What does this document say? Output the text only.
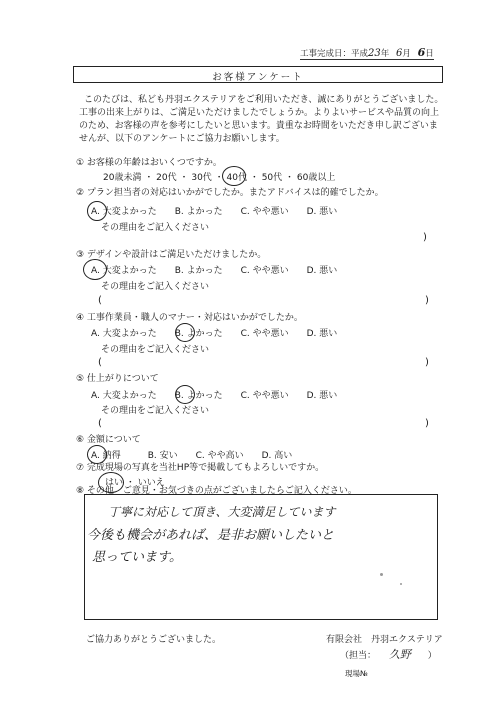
工事完成日：平成23年 6月 6日
お客様アンケート
このたびは、私ども丹羽エクステリアをご利用いただき、誠にありがとうございました。
工事の出来上がりは、ご満足いただけましたでしょうか。よりよいサービスや品質の向上
のため、お客様の声を参考にしたいと思います。貴重なお時間をいただき申し訳ございま
せんが、以下のアンケートにご協力お願いします。
① お客様の年齢はおいくつですか。
20歳未満 ・ 20代 ・ 30代 ・ 40代 ・ 50代 ・ 60歳以上
② プラン担当者の対応はいかがでしたか。またアドバイスは的確でしたか。
A. 大変よかった　　B. よかった　　C. やや悪い　　D. 悪い
その理由をご記入ください
)
③ デザインや設計はご満足いただけましたか。
A. 大変よかった　　B. よかった　　C. やや悪い　　D. 悪い
その理由をご記入ください
(	)
④ 工事作業員・職人のマナー・対応はいかがでしたか。
A. 大変よかった　　B. よかった　　C. やや悪い　　D. 悪い
その理由をご記入ください
(	)
⑤ 仕上がりについて
A. 大変よかった　　B. よかった　　C. やや悪い　　D. 悪い
その理由をご記入ください
(	)
⑥ 金額について
A. 納得　　　B. 安い　　C. やや高い　　D. 高い
⑦ 完成現場の写真を当社HP等で掲載してもよろしいですか。
はい ・ いいえ
⑧ その他　ご意見・お気づきの点がございましたらご記入ください。
丁寧に対応して頂き、大変満足しています
今後も機会があれば、是非お願いしたいと
思っています。
ご協力ありがとうございました。	有限会社　丹羽エクステリア
（担当： 久野 ）
現場№
